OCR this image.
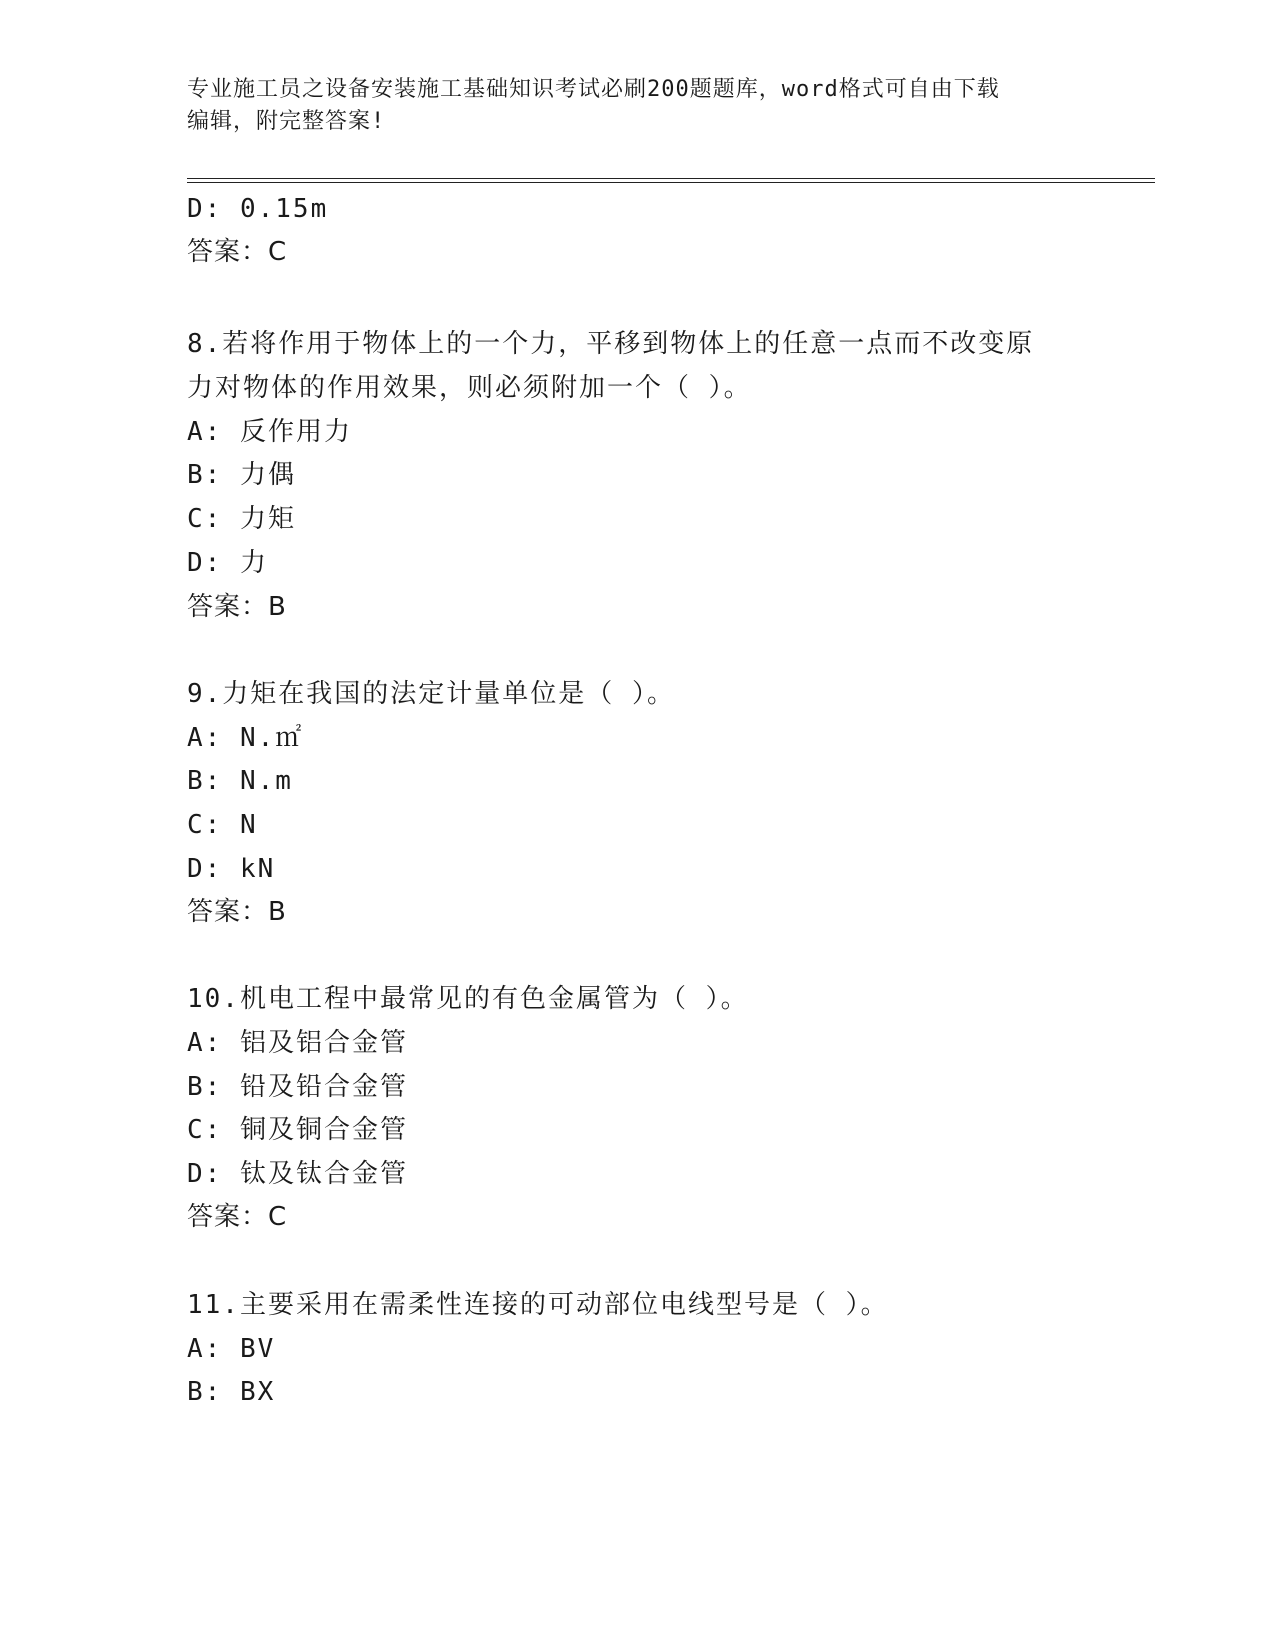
专业施工员之设备安装施工基础知识考试必刷200题题库，word格式可自由下载
编辑，附完整答案!
D: 0.15m
答案：C
8.若将作用于物体上的一个力，平移到物体上的任意一点而不改变原
力对物体的作用效果，则必须附加一个（ ）。
A: 反作用力
B: 力偶
C: 力矩
D: 力
答案：B
9.力矩在我国的法定计量单位是（ ）。
A: N.㎡
B: N.m
C: N
D: kN
答案：B
10.机电工程中最常见的有色金属管为（ ）。
A: 铝及铝合金管
B: 铅及铅合金管
C: 铜及铜合金管
D: 钛及钛合金管
答案：C
11.主要采用在需柔性连接的可动部位电线型号是（ ）。
A: BV
B: BX
